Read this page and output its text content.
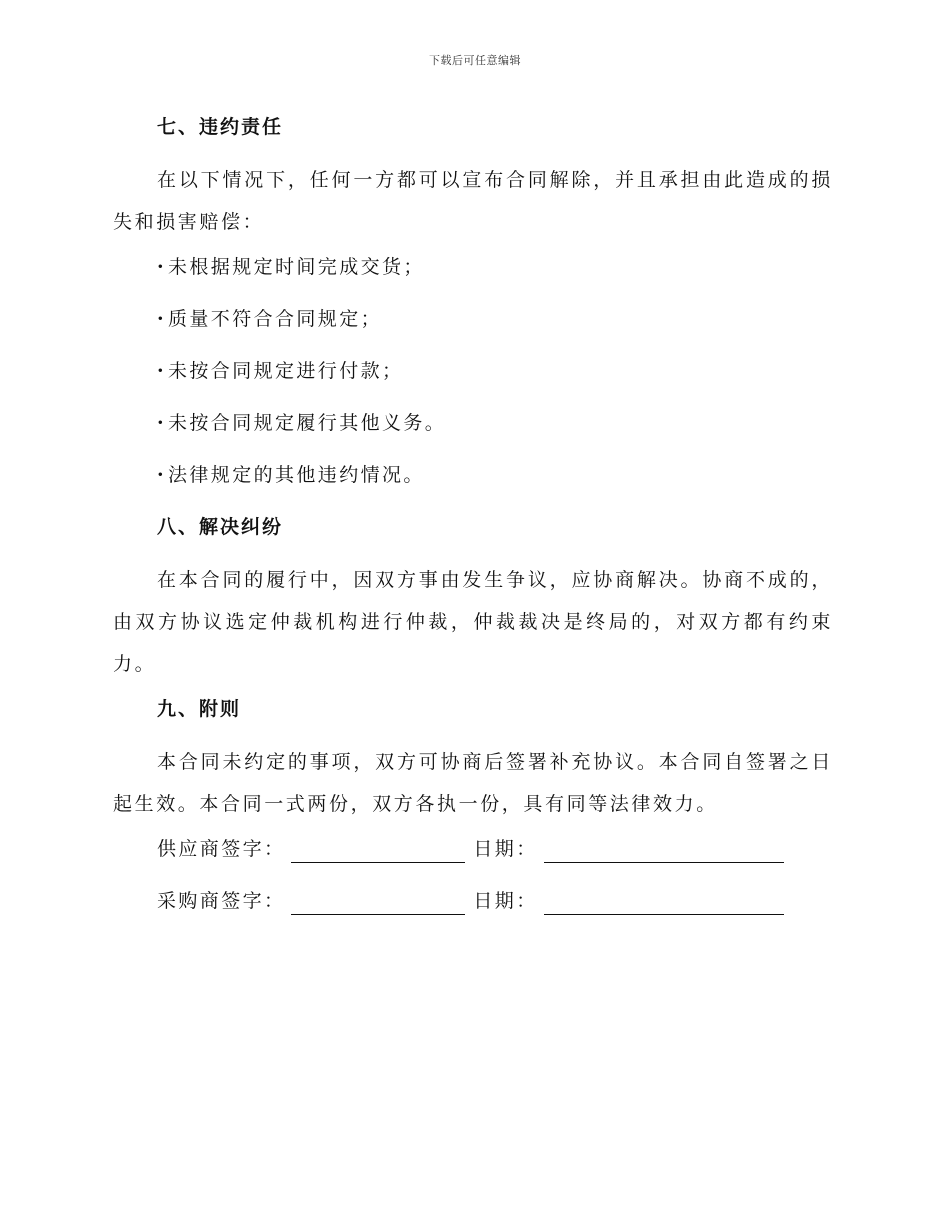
下载后可任意编辑
七、违约责任

在以下情况下，任何一方都可以宣布合同解除，并且承担由此造成的损失和损害赔偿：

· 未根据规定时间完成交货；
· 质量不符合合同规定；
· 未按合同规定进行付款；
· 未按合同规定履行其他义务。
· 法律规定的其他违约情况。
八、解决纠纷

在本合同的履行中，因双方事由发生争议，应协商解决。协商不成的，由双方协议选定仲裁机构进行仲裁，仲裁裁决是终局的，对双方都有约束力。

九、附则

本合同未约定的事项，双方可协商后签署补充协议。本合同自签署之日起生效。本合同一式两份，双方各执一份，具有同等法律效力。

供应商签字：	日期：
采购商签字：	日期：
